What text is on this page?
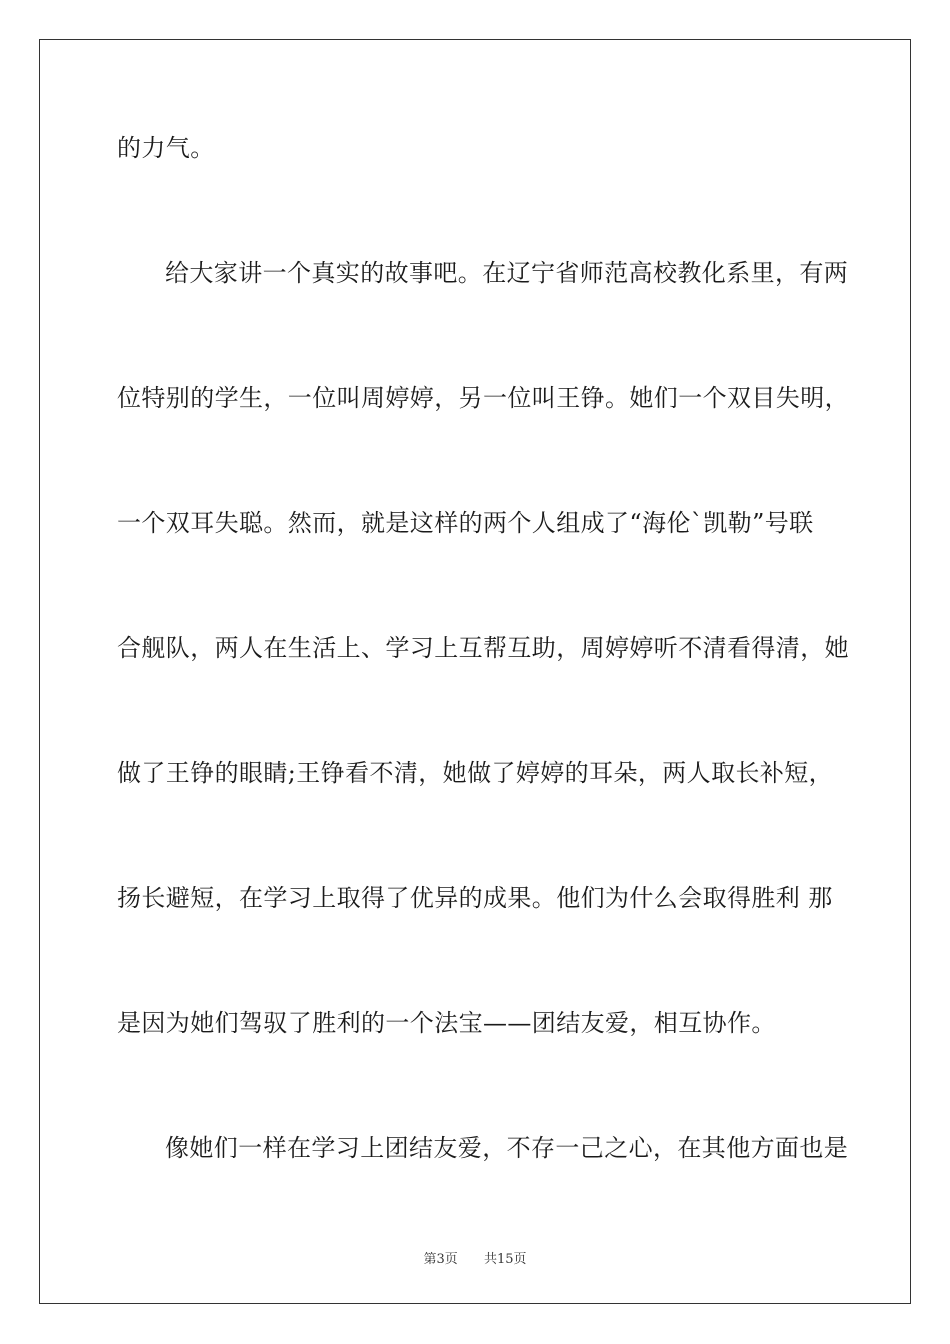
的力气。
给大家讲一个真实的故事吧。在辽宁省师范高校教化系里，有两
位特别的学生，一位叫周婷婷，另一位叫王铮。她们一个双目失明，
一个双耳失聪。然而，就是这样的两个人组成了“海伦`凯勒”号联
合舰队，两人在生活上、学习上互帮互助，周婷婷听不清看得清，她
做了王铮的眼睛;王铮看不清，她做了婷婷的耳朵，两人取长补短，
扬长避短，在学习上取得了优异的成果。他们为什么会取得胜利 那
是因为她们驾驭了胜利的一个法宝——团结友爱，相互协作。
像她们一样在学习上团结友爱，不存一己之心，在其他方面也是
第3页 共15页
